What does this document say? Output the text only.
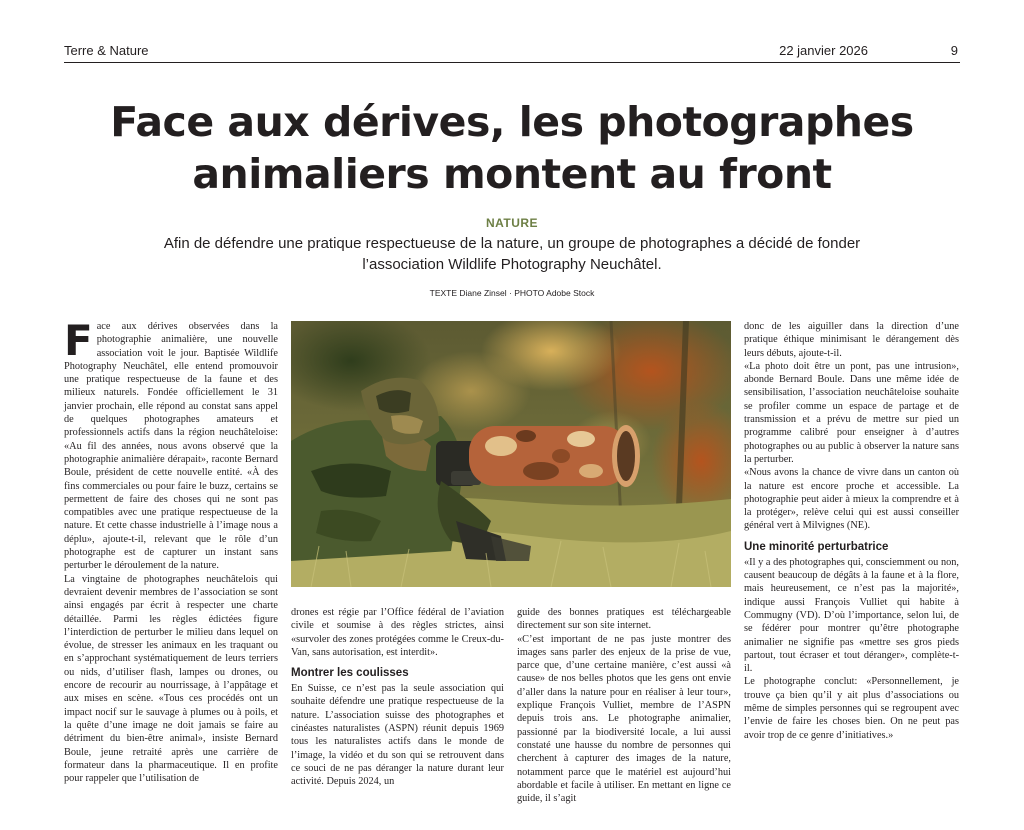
Terre & Nature	22 janvier 2026	9
Face aux dérives, les photographes animaliers montent au front
NATURE
Afin de défendre une pratique respectueuse de la nature, un groupe de photographes a décidé de fonder l’association Wildlife Photography Neuchâtel.
TEXTE Diane Zinsel · PHOTO Adobe Stock

Face aux dérives observées dans la photographie animalière, une nouvelle association voit le jour. Baptisée Wildlife Photography Neuchâtel, elle entend promouvoir une pratique respectueuse de la faune et des milieux naturels. Fondée officiellement le 31 janvier prochain, elle répond au constat sans appel de quelques photographes amateurs et professionnels actifs dans la région neuchâteloise: «Au fil des années, nous avons observé que la photographie animalière dérapait», raconte Bernard Boule, président de cette nouvelle entité. «À des fins commerciales ou pour faire le buzz, certains se permettent de faire des choses qui ne sont pas compatibles avec une pratique respectueuse de la nature. Et cette chasse industrielle à l’image nous a déplu», ajoute-t-il, relevant que le rôle d’un photographe est de capturer un instant sans perturber le déroulement de la nature.

La vingtaine de photographes neuchâtelois qui devraient devenir membres de l’association se sont ainsi engagés par écrit à respecter une charte détaillée. Parmi les règles édictées figure l’interdiction de perturber le milieu dans lequel on évolue, de stresser les animaux en les traquant ou en s’approchant systématiquement de leurs terriers ou nids, d’utiliser flash, lampes ou drones, ou encore de recourir au nourrissage, à l’appâtage et aux mises en scène. «Tous ces procédés ont un impact nocif sur le sauvage à plumes ou à poils, et la quête d’une image ne doit jamais se faire au détriment du bien-être animal», insiste Bernard Boule, jeune retraité après une carrière de formateur dans la pharmaceutique. Il en profite pour rappeler que l’utilisation de

drones est régie par l’Office fédéral de l’aviation civile et soumise à des règles strictes, ainsi «survoler des zones protégées comme le Creux-du-Van, sans autorisation, est interdit».

Montrer les coulisses

En Suisse, ce n’est pas la seule association qui souhaite défendre une pratique respectueuse de la nature. L’association suisse des photographes et cinéastes naturalistes (ASPN) réunit depuis 1969 tous les naturalistes actifs dans le monde de l’image, la vidéo et du son qui se retrouvent dans ce souci de ne pas déranger la nature durant leur activité. Depuis 2024, un

guide des bonnes pratiques est téléchargeable directement sur son site internet.

«C’est important de ne pas juste montrer des images sans parler des enjeux de la prise de vue, parce que, d’une certaine manière, c’est aussi «à cause» de nos belles photos que les gens ont envie d’aller dans la nature pour en réaliser à leur tour», explique François Vulliet, membre de l’ASPN depuis trois ans. Le photographe animalier, passionné par la biodiversité locale, a lui aussi constaté une hausse du nombre de personnes qui cherchent à capturer des images de la nature, notamment parce que le matériel est aujourd’hui abordable et facile à utiliser. En mettant en ligne ce guide, il s’agit

donc de les aiguiller dans la direction d’une pratique éthique minimisant le dérangement dès leurs débuts, ajoute-t-il.

«La photo doit être un pont, pas une intrusion», abonde Bernard Boule. Dans une même idée de sensibilisation, l’association neuchâteloise souhaite se profiler comme un espace de partage et de transmission et a prévu de mettre sur pied un programme calibré pour enseigner à d’autres photographes ou au public à observer la nature sans la perturber.

«Nous avons la chance de vivre dans un canton où la nature est encore proche et accessible. La photographie peut aider à mieux la comprendre et à la protéger», relève celui qui est aussi conseiller général vert à Milvignes (NE).

Une minorité perturbatrice

«Il y a des photographes qui, consciemment ou non, causent beaucoup de dégâts à la faune et à la flore, mais heureusement, ce n’est pas la majorité», indique aussi François Vulliet qui habite à Commugny (VD). D’où l’importance, selon lui, de se fédérer pour montrer qu’être photographe animalier ne signifie pas «mettre ses gros pieds partout, tout écraser et tout déranger», complète-t-il.

Le photographe conclut: «Personnellement, je trouve ça bien qu’il y ait plus d’associations ou même de simples personnes qui se regroupent avec l’envie de faire les choses bien. On ne peut pas avoir trop de ce genre d’initiatives.»
